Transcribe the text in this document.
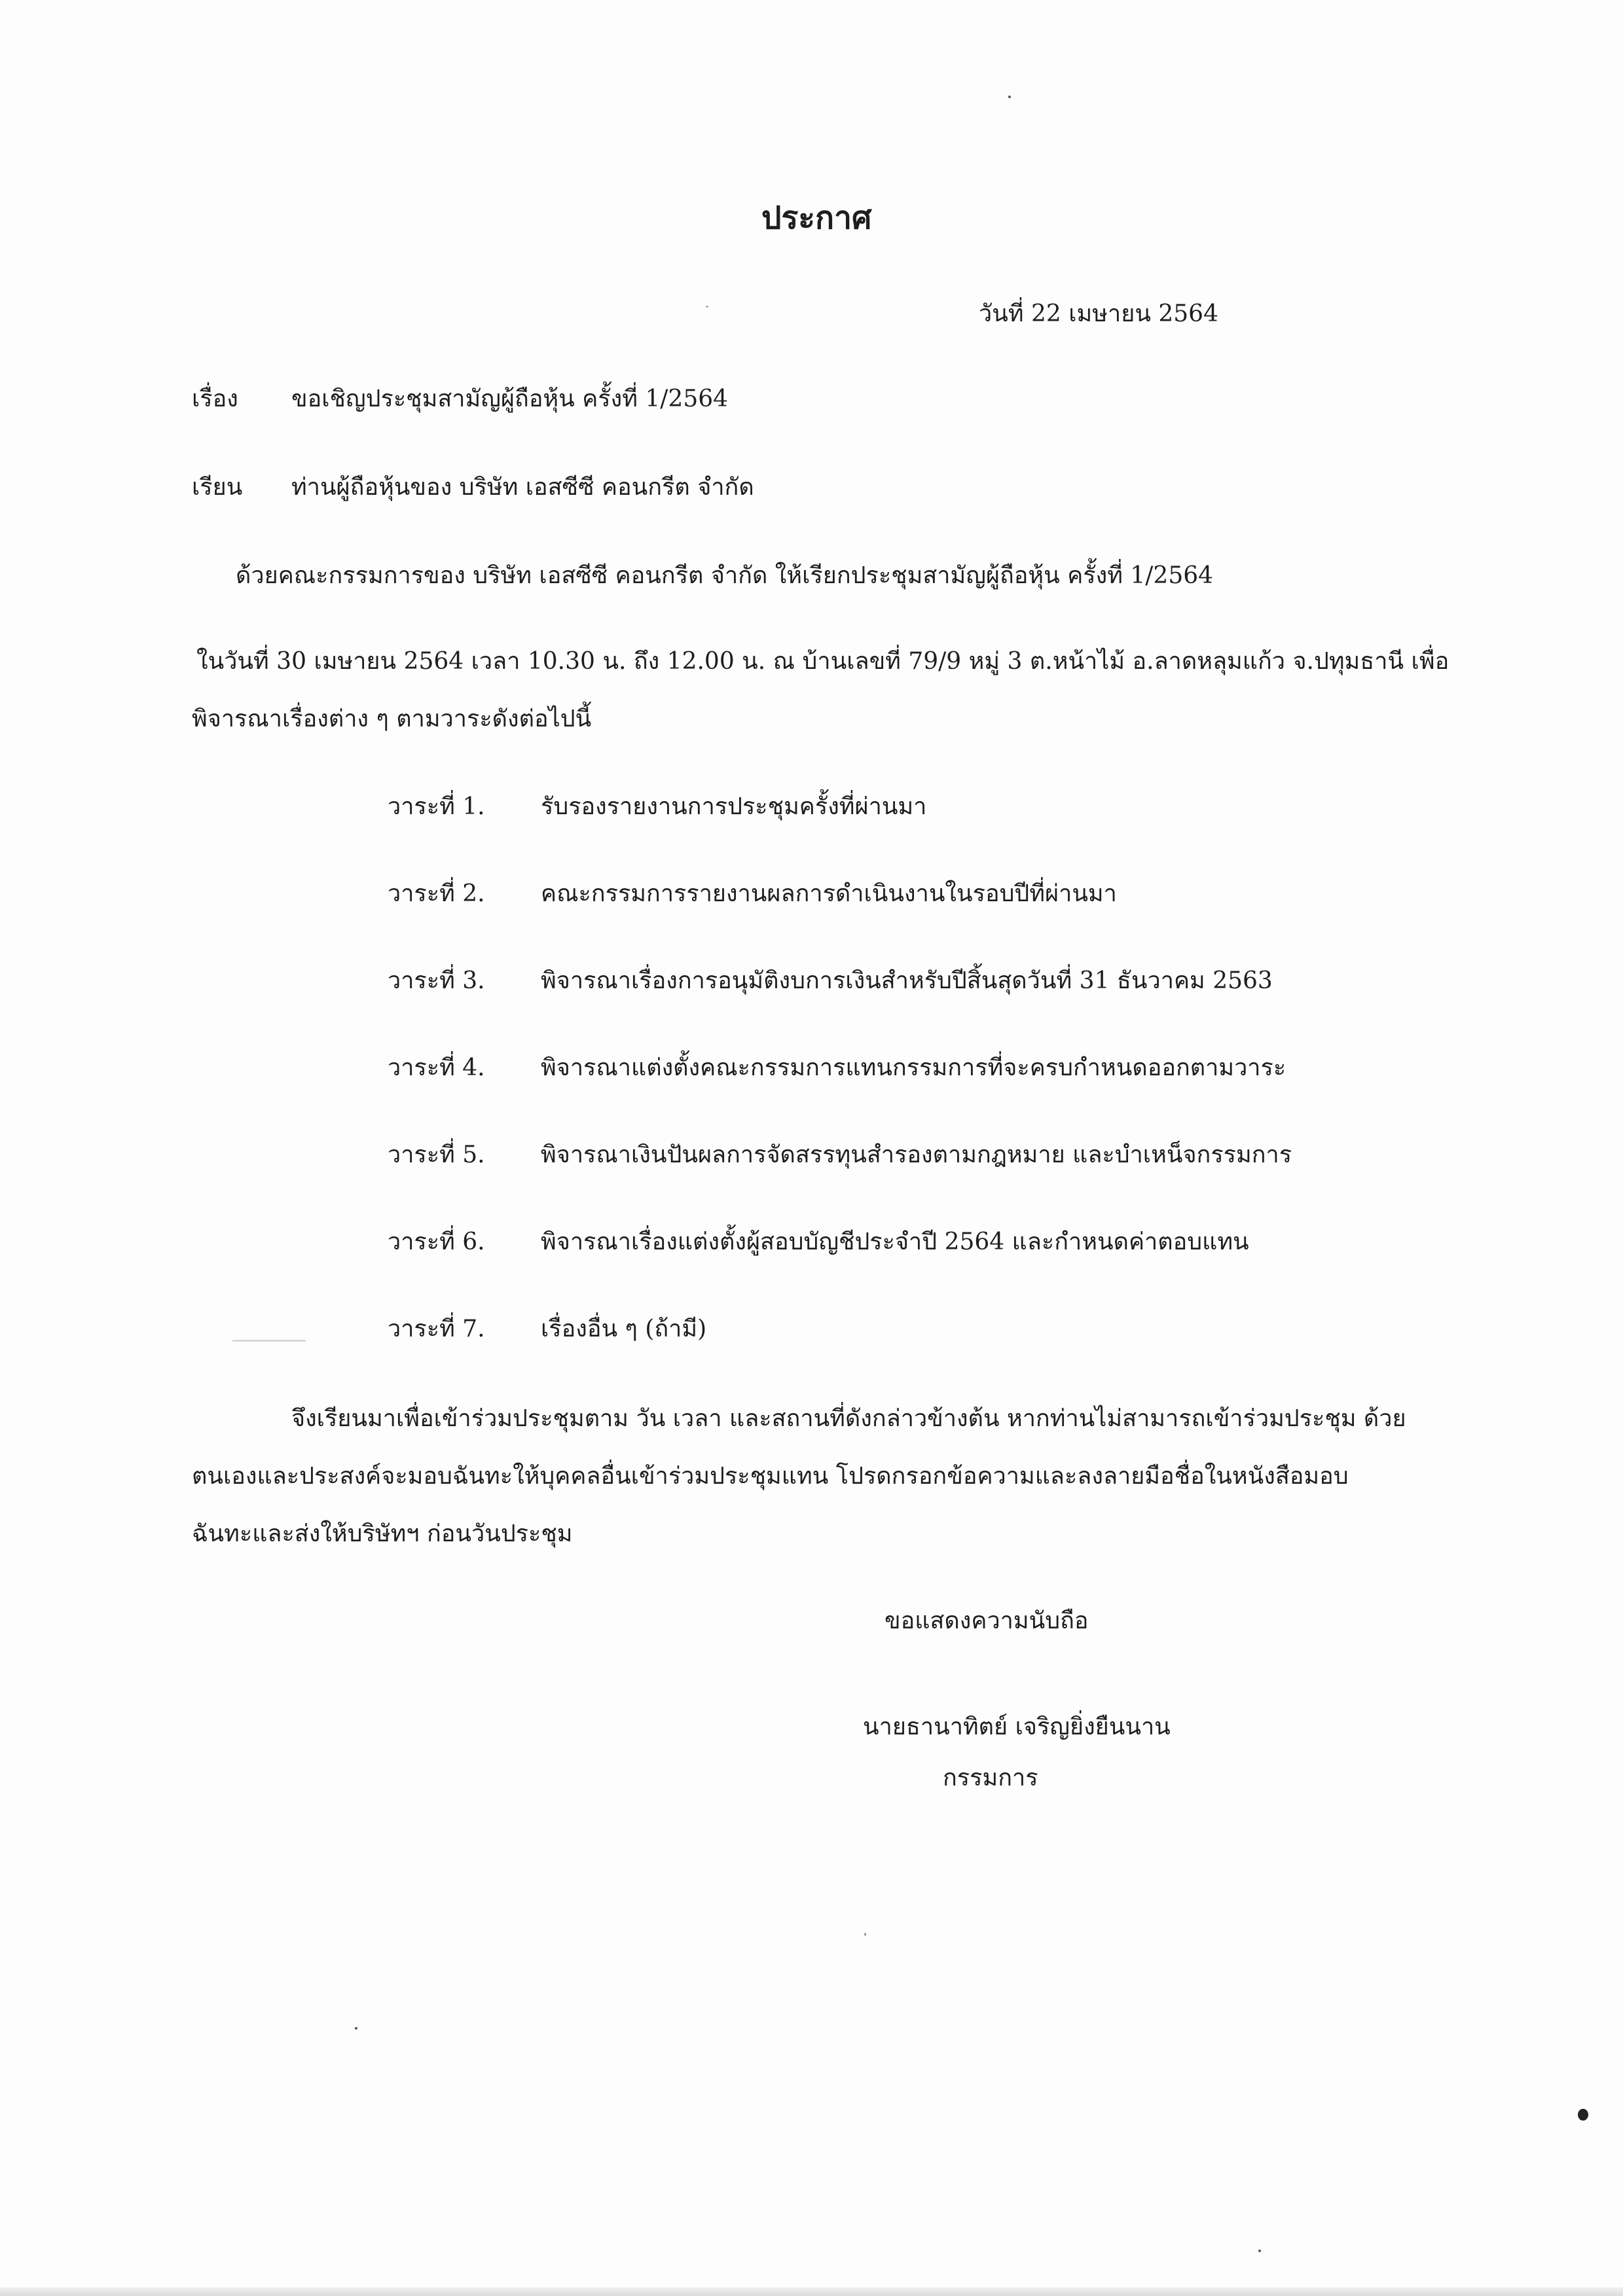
ประกาศ
วันที่ 22 เมษายน 2564
เรื่อง ขอเชิญประชุมสามัญผู้ถือหุ้น ครั้งที่ 1/2564
เรียน ท่านผู้ถือหุ้นของ บริษัท เอสซีซี คอนกรีต จำกัด
ด้วยคณะกรรมการของ บริษัท เอสซีซี คอนกรีต จำกัด ให้เรียกประชุมสามัญผู้ถือหุ้น ครั้งที่ 1/2564
ในวันที่ 30 เมษายน 2564 เวลา 10.30 น. ถึง 12.00 น. ณ บ้านเลขที่ 79/9 หมู่ 3 ต.หน้าไม้ อ.ลาดหลุมแก้ว จ.ปทุมธานี เพื่อ
พิจารณาเรื่องต่าง ๆ ตามวาระดังต่อไปนี้
วาระที่ 1. รับรองรายงานการประชุมครั้งที่ผ่านมา
วาระที่ 2. คณะกรรมการรายงานผลการดำเนินงานในรอบปีที่ผ่านมา
วาระที่ 3. พิจารณาเรื่องการอนุมัติงบการเงินสำหรับปีสิ้นสุดวันที่ 31 ธันวาคม 2563
วาระที่ 4. พิจารณาแต่งตั้งคณะกรรมการแทนกรรมการที่จะครบกำหนดออกตามวาระ
วาระที่ 5. พิจารณาเงินปันผลการจัดสรรทุนสำรองตามกฎหมาย และบำเหน็จกรรมการ
วาระที่ 6. พิจารณาเรื่องแต่งตั้งผู้สอบบัญชีประจำปี 2564 และกำหนดค่าตอบแทน
วาระที่ 7. เรื่องอื่น ๆ (ถ้ามี)
จึงเรียนมาเพื่อเข้าร่วมประชุมตาม วัน เวลา และสถานที่ดังกล่าวข้างต้น หากท่านไม่สามารถเข้าร่วมประชุม ด้วย
ตนเองและประสงค์จะมอบฉันทะให้บุคคลอื่นเข้าร่วมประชุมแทน โปรดกรอกข้อความและลงลายมือชื่อในหนังสือมอบ
ฉันทะและส่งให้บริษัทฯ ก่อนวันประชุม
ขอแสดงความนับถือ
นายธานาทิตย์ เจริญยิ่งยืนนาน
กรรมการ
